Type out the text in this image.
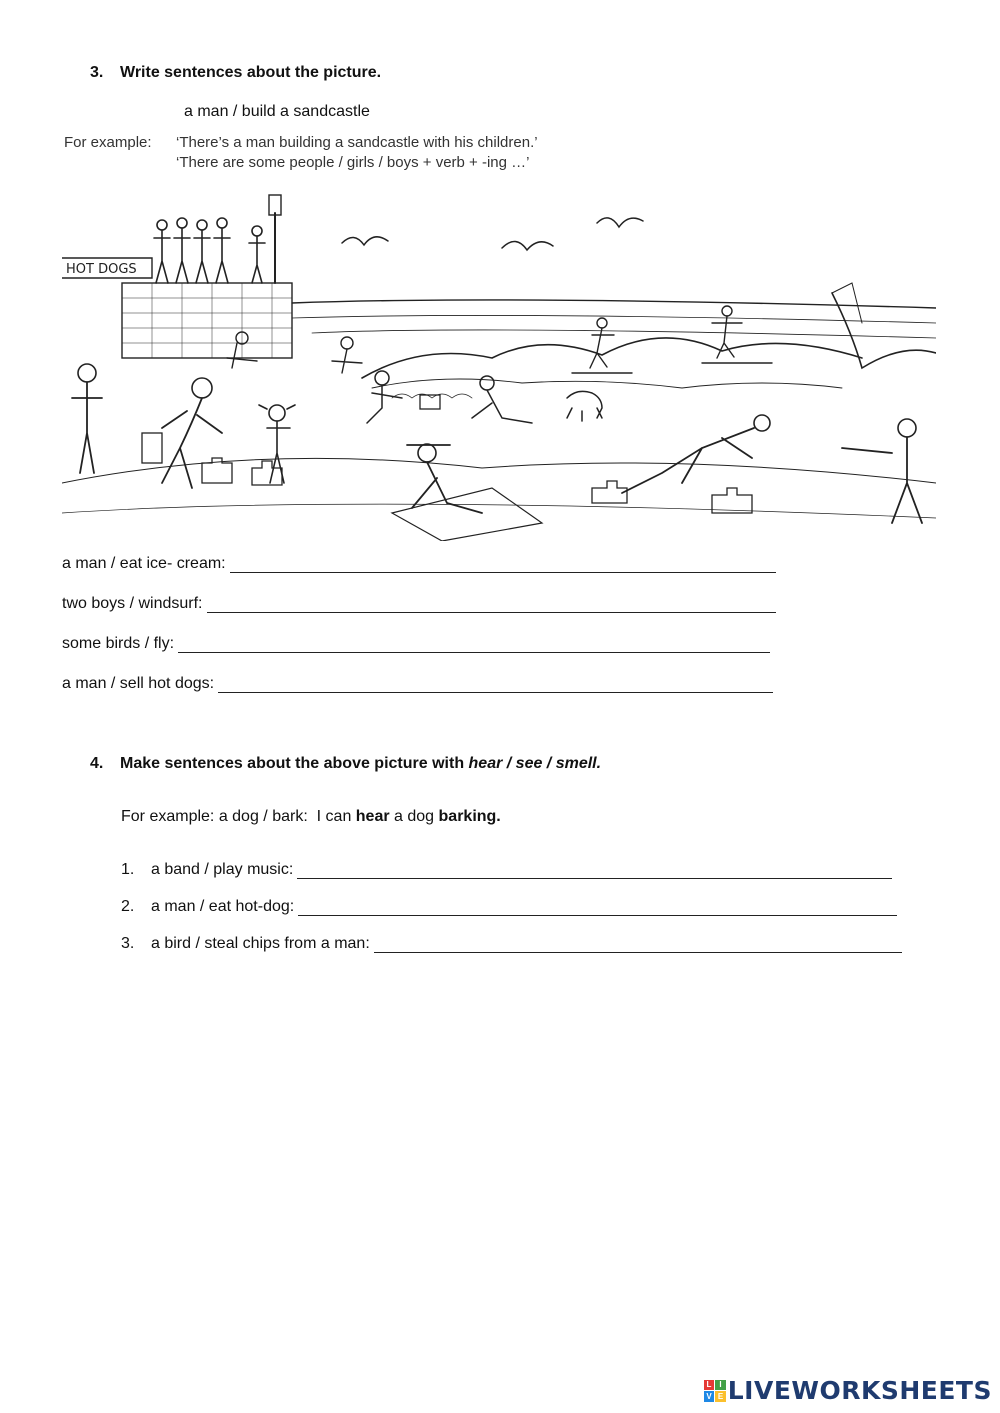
3. Write sentences about the picture.
a man / build a sandcastle
For example: ‘There’s a man building a sandcastle with his children.’
‘There are some people / girls / boys + verb + -ing …’
HOT DOGS
a man / eat ice- cream:
two boys / windsurf:
some birds / fly:
a man / sell hot dogs:
4. Make sentences about the above picture with hear / see / smell.
For example: a dog / bark:  I can hear a dog barking.
1.	a band / play music:
2.	a man / eat hot-dog:
3.	a bird / steal chips from a man:
L I
V E LIVEWORKSHEETS
